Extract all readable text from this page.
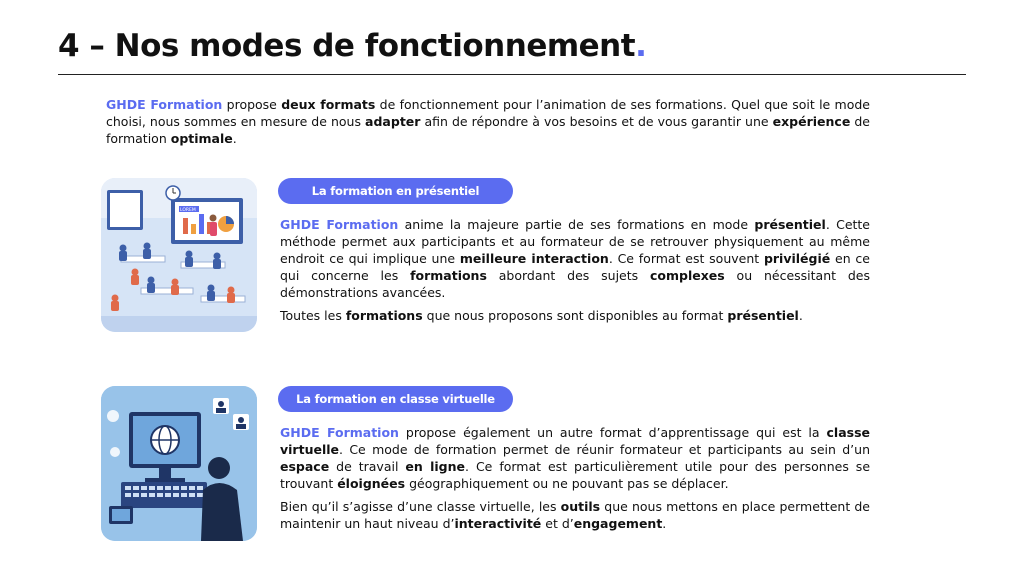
4 – Nos modes de fonctionnement.
GHDE Formation propose deux formats de fonctionnement pour l’animation de ses formations. Quel que soit le mode choisi, nous sommes en mesure de nous adapter afin de répondre à vos besoins et de vous garantir une expérience de formation optimale.
LOREM
La formation en présentiel

GHDE Formation anime la majeure partie de ses formations en mode présentiel. Cette méthode permet aux participants et au formateur de se retrouver physiquement au même endroit ce qui implique une meilleure interaction. Ce format est souvent privilégié en ce qui concerne les formations abordant des sujets complexes ou nécessitant des démonstrations avancées.

Toutes les formations que nous proposons sont disponibles au format présentiel.

La formation en classe virtuelle

GHDE Formation propose également un autre format d’apprentissage qui est la classe virtuelle. Ce mode de formation permet de réunir formateur et participants au sein d’un espace de travail en ligne. Ce format est particulièrement utile pour des personnes se trouvant éloignées géographiquement ou ne pouvant pas se déplacer.

Bien qu’il s’agisse d’une classe virtuelle, les outils que nous mettons en place permettent de maintenir un haut niveau d’interactivité et d’engagement.
